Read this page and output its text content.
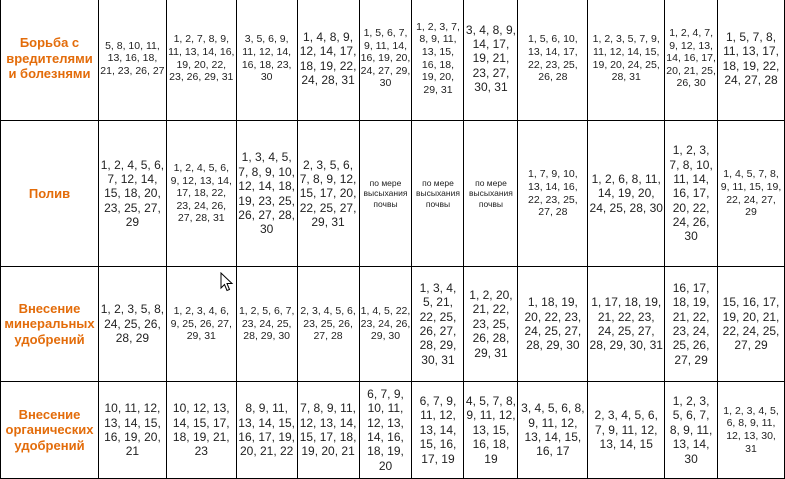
Борьба с вредителями и болезнями	5, 8, 10, 11, 13, 16, 18, 21, 23, 26, 27	1, 2, 7, 8, 9, 11, 13, 14, 16, 19, 20, 22, 23, 26, 29, 31	3, 5, 6, 9, 11, 12, 14, 16, 18, 23, 30	1, 4, 8, 9, 12, 14, 17, 18, 19, 22, 24, 28, 31	1, 5, 6, 7, 9, 11, 14, 16, 19, 20, 24, 27, 29, 30	1, 2, 3, 7, 8, 9, 11, 13, 15, 16, 18, 19, 20, 29, 31	3, 4, 8, 9, 14, 17, 19, 21, 23, 27, 30, 31	1, 5, 6, 10, 13, 14, 17, 22, 23, 25, 26, 28	1, 2, 3, 5, 7, 9, 11, 12, 14, 15, 19, 20, 24, 25, 28, 31	1, 2, 4, 7, 9, 12, 13, 14, 16, 17, 20, 21, 25, 26, 30	1, 5, 7, 8, 11, 13, 17, 18, 19, 22, 24, 27, 28
Полив	1, 2, 4, 5, 6, 7, 12, 14, 15, 18, 20, 23, 25, 27, 29	1, 2, 4, 5, 6, 9, 12, 13, 14, 17, 18, 22, 23, 24, 26, 27, 28, 31	1, 3, 4, 5, 7, 8, 9, 10, 12, 14, 18, 19, 23, 25, 26, 27, 28, 30	2, 3, 5, 6, 7, 8, 9, 12, 15, 17, 20, 22, 25, 27, 29, 31	по мере высыхания почвы	по мере высыхания почвы	по мере высыхания почвы	1, 7, 9, 10, 13, 14, 16, 22, 23, 25, 27, 28	1, 2, 6, 8, 11, 14, 19, 20, 24, 25, 28, 30	1, 2, 3, 7, 8, 10, 11, 14, 16, 17, 20, 22, 24, 26, 30	1, 4, 5, 7, 8, 9, 11, 15, 19, 22, 24, 27, 29
Внесение минеральных удобрений	1, 2, 3, 5, 8, 24, 25, 26, 28, 29	1, 2, 3, 4, 6, 9, 25, 26, 27, 29, 31	1, 2, 5, 6, 7, 23, 24, 25, 28, 29, 30	2, 3, 4, 5, 6, 23, 25, 26, 27, 28	1, 4, 5, 22, 23, 24, 26, 29, 30	1, 3, 4, 5, 21, 22, 25, 26, 27, 28, 29, 30, 31	1, 2, 20, 21, 22, 23, 25, 26, 28, 29, 31	1, 18, 19, 20, 22, 23, 24, 25, 27, 28, 29, 30	1, 17, 18, 19, 21, 22, 23, 24, 25, 27, 28, 29, 30, 31	16, 17, 18, 19, 21, 22, 23, 24, 25, 26, 27, 29	15, 16, 17, 19, 20, 21, 22, 24, 25, 27, 29
Внесение органических удобрений	10, 11, 12, 13, 14, 15, 16, 19, 20, 21	10, 12, 13, 14, 15, 17, 18, 19, 21, 23	8, 9, 11, 13, 14, 15, 16, 17, 19, 20, 21, 22	7, 8, 9, 11, 12, 13, 14, 15, 17, 18, 19, 20, 21	6, 7, 9, 10, 11, 12, 13, 14, 16, 18, 19, 20	6, 7, 9, 11, 12, 13, 14, 15, 16, 17, 19	4, 5, 7, 8, 9, 11, 12, 13, 15, 16, 18, 19	3, 4, 5, 6, 8, 9, 11, 12, 13, 14, 15, 16, 17	2, 3, 4, 5, 6, 7, 9, 11, 12, 13, 14, 15	1, 2, 3, 5, 6, 7, 8, 9, 11, 13, 14, 30	1, 2, 3, 4, 5, 6, 8, 9, 11, 12, 13, 30, 31
